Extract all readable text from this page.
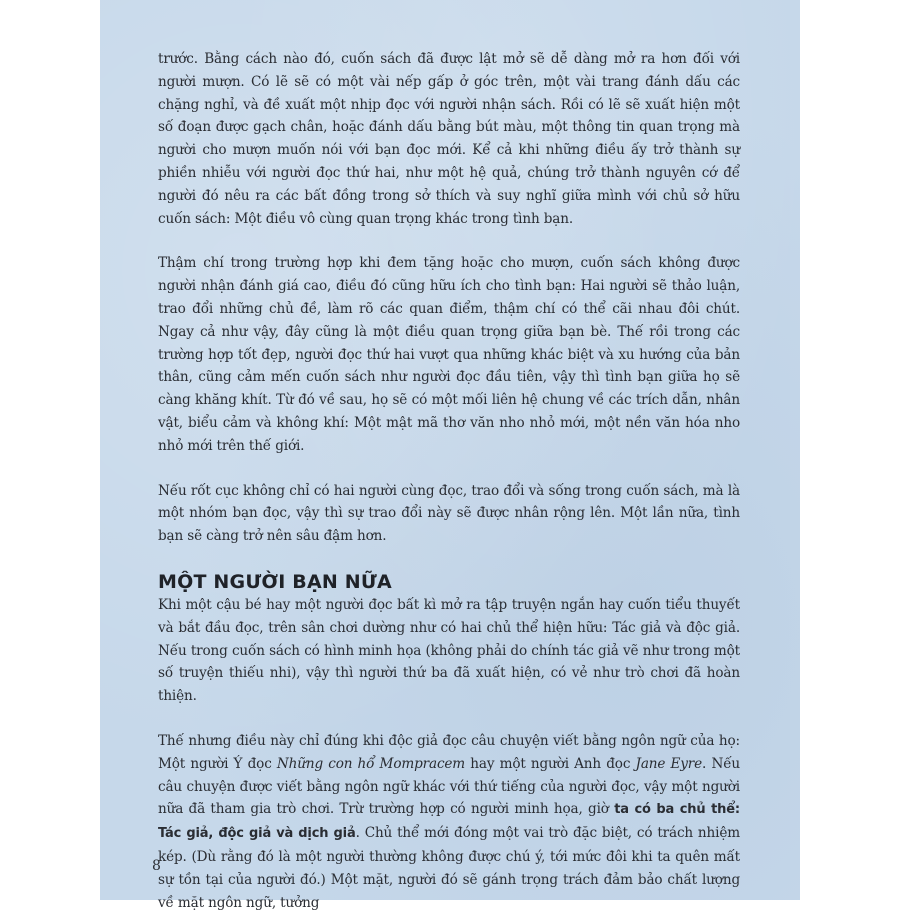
trước. Bằng cách nào đó, cuốn sách đã được lật mở sẽ dễ dàng mở ra hơn đối với người mượn. Có lẽ sẽ có một vài nếp gấp ở góc trên, một vài trang đánh dấu các chặng nghỉ, và đề xuất một nhịp đọc với người nhận sách. Rồi có lẽ sẽ xuất hiện một số đoạn được gạch chân, hoặc đánh dấu bằng bút màu, một thông tin quan trọng mà người cho mượn muốn nói với bạn đọc mới. Kể cả khi những điều ấy trở thành sự phiền nhiễu với người đọc thứ hai, như một hệ quả, chúng trở thành nguyên cớ để người đó nêu ra các bất đồng trong sở thích và suy nghĩ giữa mình với chủ sở hữu cuốn sách: Một điều vô cùng quan trọng khác trong tình bạn.

Thậm chí trong trường hợp khi đem tặng hoặc cho mượn, cuốn sách không được người nhận đánh giá cao, điều đó cũng hữu ích cho tình bạn: Hai người sẽ thảo luận, trao đổi những chủ đề, làm rõ các quan điểm, thậm chí có thể cãi nhau đôi chút. Ngay cả như vậy, đây cũng là một điều quan trọng giữa bạn bè. Thế rồi trong các trường hợp tốt đẹp, người đọc thứ hai vượt qua những khác biệt và xu hướng của bản thân, cũng cảm mến cuốn sách như người đọc đầu tiên, vậy thì tình bạn giữa họ sẽ càng khăng khít. Từ đó về sau, họ sẽ có một mối liên hệ chung về các trích dẫn, nhân vật, biểu cảm và không khí: Một mật mã thơ văn nho nhỏ mới, một nền văn hóa nho nhỏ mới trên thế giới.

Nếu rốt cục không chỉ có hai người cùng đọc, trao đổi và sống trong cuốn sách, mà là một nhóm bạn đọc, vậy thì sự trao đổi này sẽ được nhân rộng lên. Một lần nữa, tình bạn sẽ càng trở nên sâu đậm hơn.

MỘT NGƯỜI BẠN NỮA

Khi một cậu bé hay một người đọc bất kì mở ra tập truyện ngắn hay cuốn tiểu thuyết và bắt đầu đọc, trên sân chơi dường như có hai chủ thể hiện hữu: Tác giả và độc giả. Nếu trong cuốn sách có hình minh họa (không phải do chính tác giả vẽ như trong một số truyện thiếu nhi), vậy thì người thứ ba đã xuất hiện, có vẻ như trò chơi đã hoàn thiện.

Thế nhưng điều này chỉ đúng khi độc giả đọc câu chuyện viết bằng ngôn ngữ của họ: Một người Ý đọc Những con hổ Mompracem hay một người Anh đọc Jane Eyre. Nếu câu chuyện được viết bằng ngôn ngữ khác với thứ tiếng của người đọc, vậy một người nữa đã tham gia trò chơi. Trừ trường hợp có người minh họa, giờ ta có ba chủ thể: Tác giả, độc giả và dịch giả. Chủ thể mới đóng một vai trò đặc biệt, có trách nhiệm kép. (Dù rằng đó là một người thường không được chú ý, tới mức đôi khi ta quên mất sự tồn tại của người đó.) Một mặt, người đó sẽ gánh trọng trách đảm bảo chất lượng về mặt ngôn ngữ, tưởng

8
